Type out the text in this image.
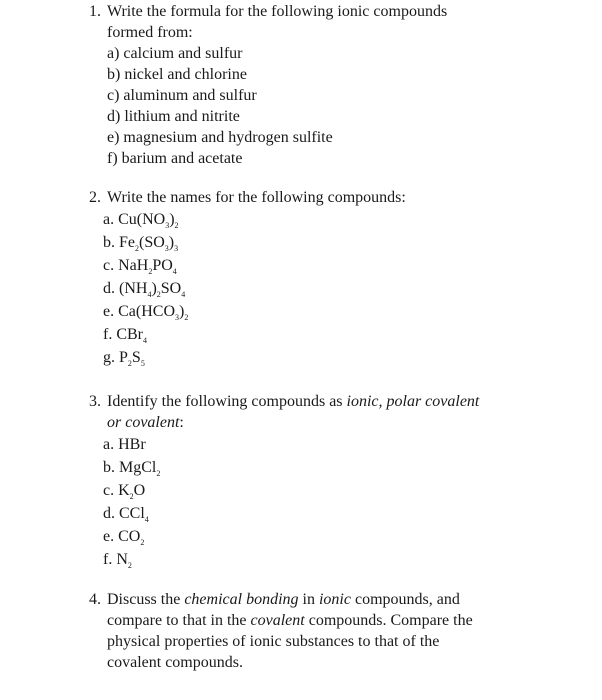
1. Write the formula for the following ionic compounds
formed from:
a) calcium and sulfur
b) nickel and chlorine
c) aluminum and sulfur
d) lithium and nitrite
e) magnesium and hydrogen sulfite
f) barium and acetate
2. Write the names for the following compounds:
a. $Cu(NO_3)_2$
b. $Fe_2(SO_3)_3$
c. $NaH_2PO_4$
d. $(NH_4)_2SO_4$
e. $Ca(HCO_3)_2$
f. CBr$_4$
g. $P_2S_5$
3. Identify the following compounds as ionic, polar covalent
or covalent:
a. HBr
b. MgCl$_2$
c. $K_2O$
d. CCl$_4$
e. $CO_2$
f. $N_2$
4. Discuss the chemical bonding in ionic compounds, and
compare to that in the covalent compounds. Compare the
physical properties of ionic substances to that of the
covalent compounds.
